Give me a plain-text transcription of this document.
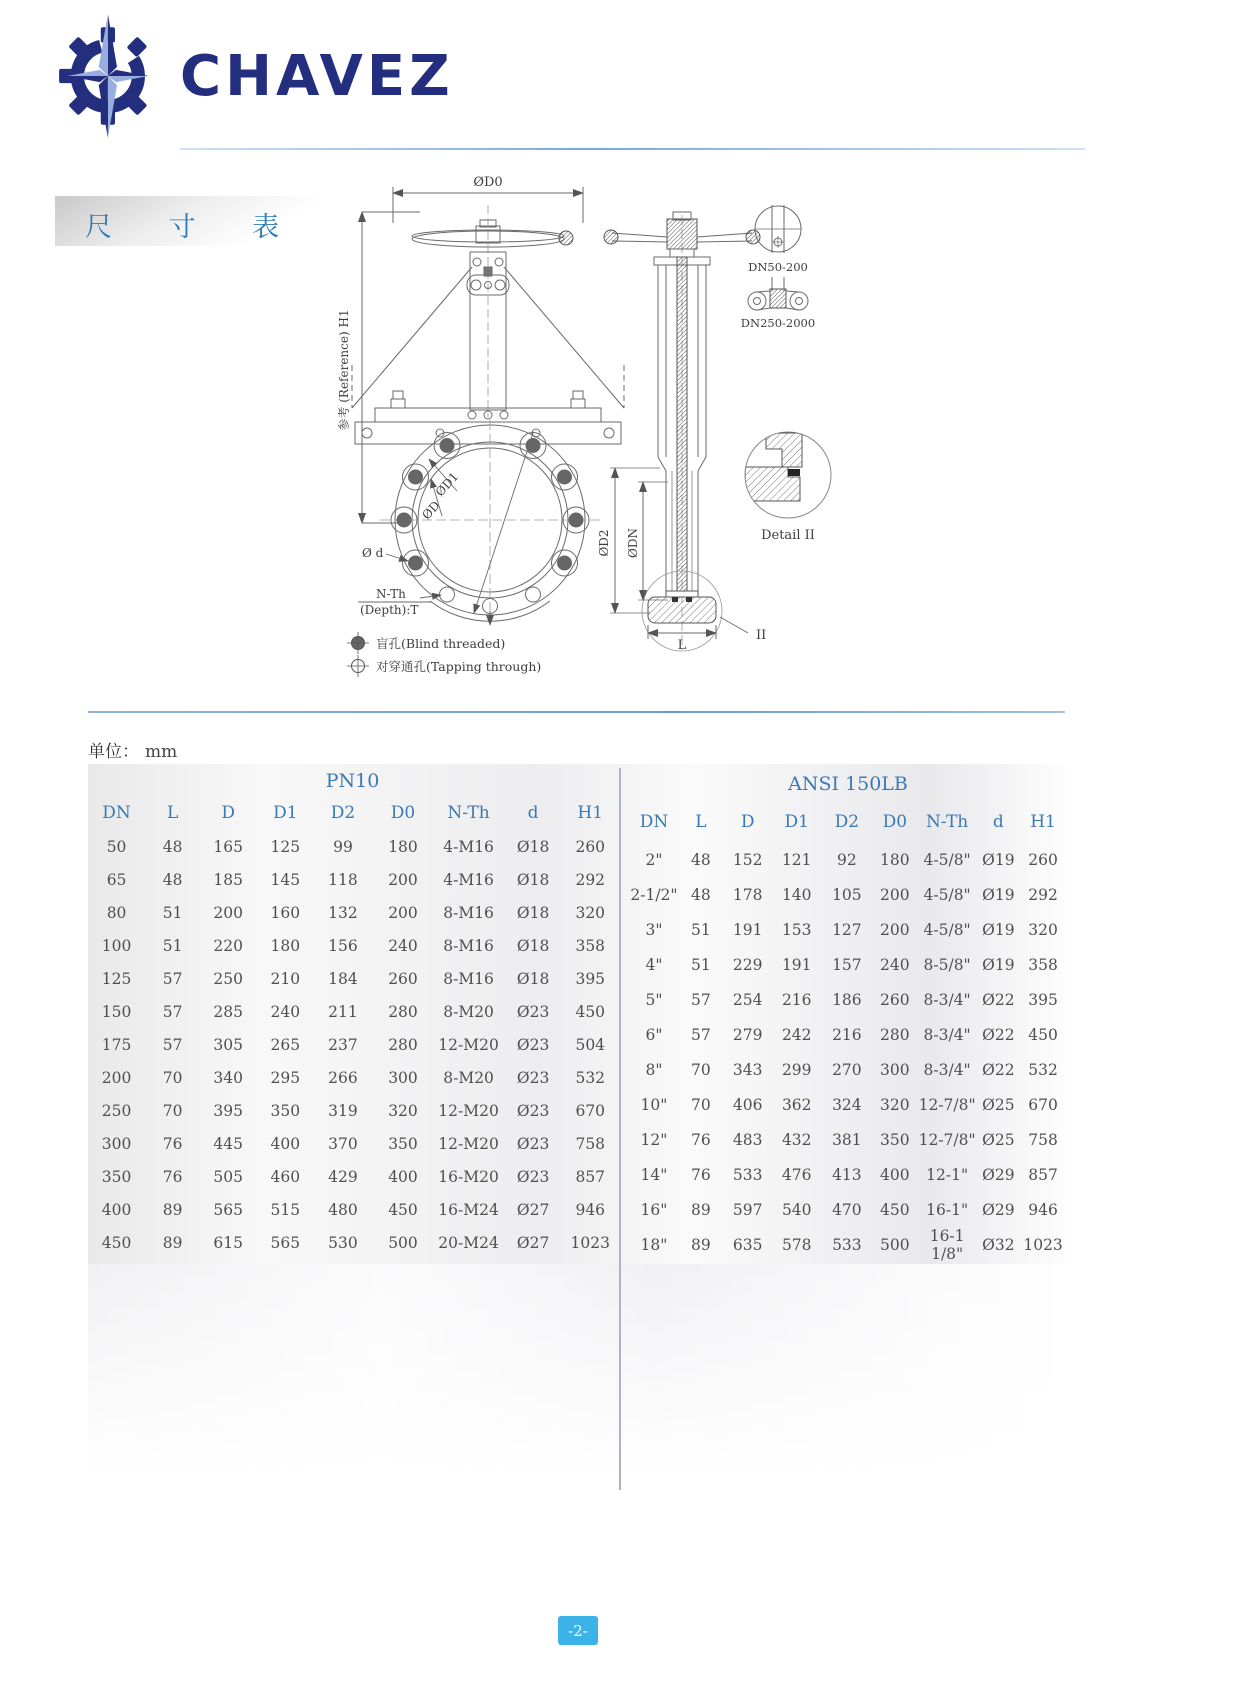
CHAVEZ
尺 寸 表
ØD0
参考 (Reference) H1
ØD1
ØD
Ø d
N-Th
(Depth):T
ØD2 ØDN
L
II
DN50-200
DN250-2000
Detail II
盲孔(Blind threaded)
对穿通孔(Tapping through)
单位： mm
PN10								
DN	L	D	D1	D2	D0	N-Th	d	H1
50	48	165	125	99	180	4-M16	Ø18	260
65	48	185	145	118	200	4-M16	Ø18	292
80	51	200	160	132	200	8-M16	Ø18	320
100	51	220	180	156	240	8-M16	Ø18	358
125	57	250	210	184	260	8-M16	Ø18	395
150	57	285	240	211	280	8-M20	Ø23	450
175	57	305	265	237	280	12-M20	Ø23	504
200	70	340	295	266	300	8-M20	Ø23	532
250	70	395	350	319	320	12-M20	Ø23	670
300	76	445	400	370	350	12-M20	Ø23	758
350	76	505	460	429	400	16-M20	Ø23	857
400	89	565	515	480	450	16-M24	Ø27	946
450	89	615	565	530	500	20-M24	Ø27	1023
ANSI 150LB								
DN	L	D	D1	D2	D0	N-Th	d	H1
2"	48	152	121	92	180	4-5/8"	Ø19	260
2-1/2"	48	178	140	105	200	4-5/8"	Ø19	292
3"	51	191	153	127	200	4-5/8"	Ø19	320
4"	51	229	191	157	240	8-5/8"	Ø19	358
5"	57	254	216	186	260	8-3/4"	Ø22	395
6"	57	279	242	216	280	8-3/4"	Ø22	450
8"	70	343	299	270	300	8-3/4"	Ø22	532
10"	70	406	362	324	320	12-7/8"	Ø25	670
12"	76	483	432	381	350	12-7/8"	Ø25	758
14"	76	533	476	413	400	12-1"	Ø29	857
16"	89	597	540	470	450	16-1"	Ø29	946
18"	89	635	578	533	500	16-1 1/8"	Ø32	1023
-2-
